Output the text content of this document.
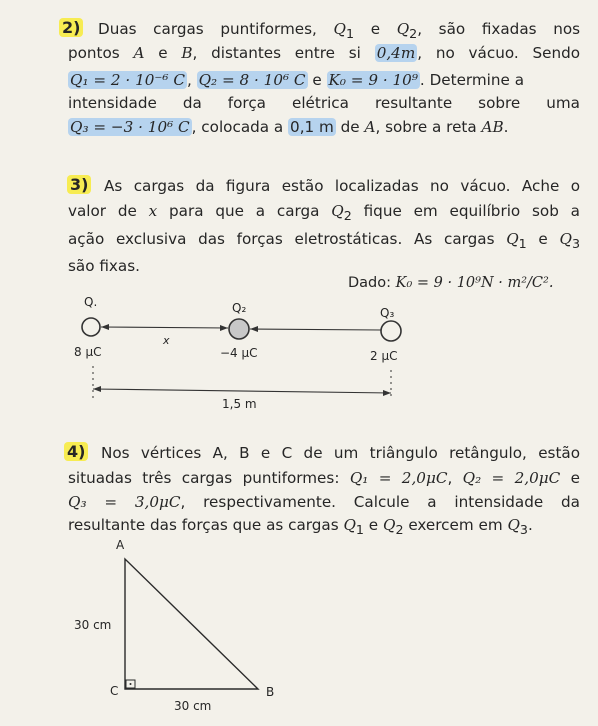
2) Duas cargas puntiformes, $Q_1$ e $Q_2$, são fixadas nos
pontos A e B, distantes entre si 0,4m , no vácuo. Sendo
Q₁ = 2 · 10⁻⁶ C , Q₂ = 8 · 10⁶ C e K₀ = 9 · 10⁹ . Determine a
intensidade da força elétrica resultante sobre uma
Q₃ = −3 · 10⁶ C , colocada a 0,1 m de A, sobre a reta AB.
3) As cargas da figura estão localizadas no vácuo. Ache o
valor de x para que a carga $Q_2$ fique em equilíbrio sob a
ação exclusiva das forças eletrostáticas. As cargas $Q_1$ e $Q_3$
são fixas.
Dado: K₀ = 9 · 10⁹N · m²/C².
Q.	Q₂	Q₃
x
8 μC	−4 μC	2 μC
1,5 m
4) Nos vértices A, B e C de um triângulo retângulo, estão
situadas três cargas puntiformes: Q₁ = 2,0μC, Q₂ = 2,0μC e
Q₃ = 3,0μC, respectivamente. Calcule a intensidade da
resultante das forças que as cargas $Q_1$ e $Q_2$ exercem em $Q_3$.
A
C	B
30 cm
30 cm
